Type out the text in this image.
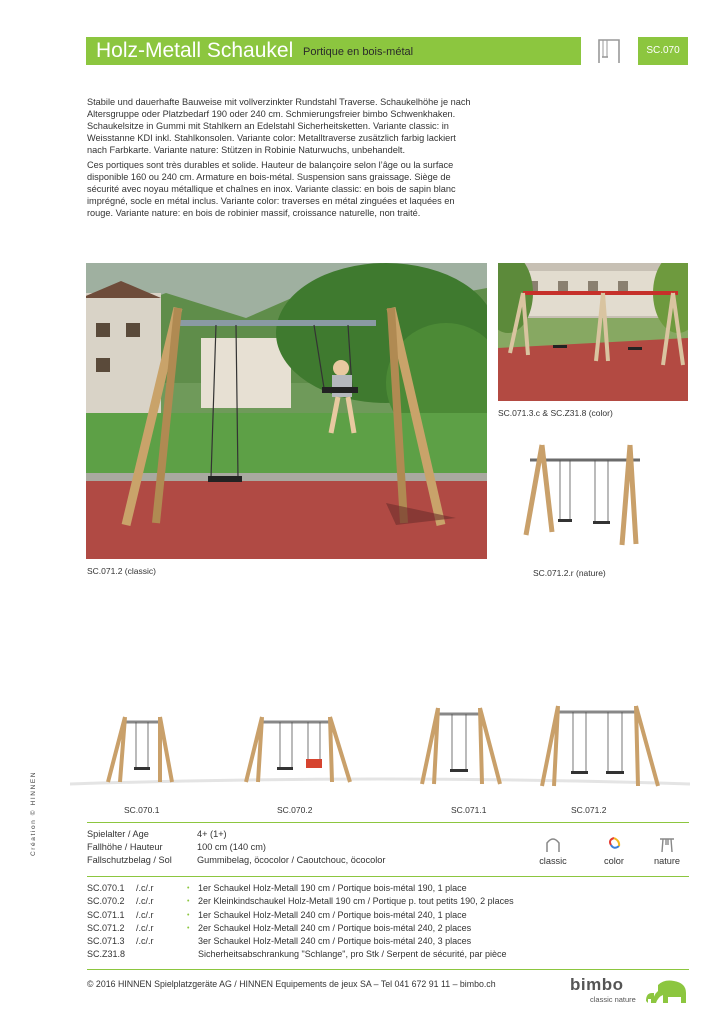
Holz-Metall Schaukel Portique en bois-métal	SC.070

Stabile und dauerhafte Bauweise mit vollverzinkter Rundstahl Traverse. Schaukelhöhe je nach Altersgruppe oder Platzbedarf 190 oder 240 cm. Schmierungsfreier bimbo Schwenkhaken. Schaukelsitze in Gummi mit Stahlkern an Edelstahl Sicherheitsketten. Variante classic: in Weisstanne KDI inkl. Stahlkonsolen. Variante color: Metalltraverse zusätzlich farbig lackiert nach Farbkarte. Variante nature: Stützen in Robinie Naturwuchs, unbehandelt.

Ces portiques sont très durables et solide. Hauteur de balançoire selon l’âge ou la surface disponible 160 ou 240 cm. Armature en bois-métal. Suspension sans graissage. Siège de sécurité avec noyau métallique et chaînes en inox. Variante classic: en bois de sapin blanc imprégné, socle en métal inclus. Variante color: traverses en métal zinguées et laquées en rouge. Variante nature: en bois de robinier massif, croissance naturelle, non traité.

SC.071.2 (classic)
SC.071.3.c & SC.Z31.8 (color)
SC.071.2.r (nature)
SC.070.1	SC.070.2	SC.071.1	SC.071.2
Spielalter / Age	4+ (1+)
Fallhöhe / Hauteur	100 cm (140 cm)
Fallschutzbelag / Sol	Gummibelag, öcocolor / Caoutchouc, öcocolor	classic	color	nature
SC.070.1 /.c/.r	• 1er Schaukel Holz-Metall 190 cm / Portique bois-métal 190, 1 place
SC.070.2 /.c/.r	• 2er Kleinkindschaukel Holz-Metall 190 cm / Portique p. tout petits 190, 2 places
SC.071.1 /.c/.r	• 1er Schaukel Holz-Metall 240 cm / Portique bois-métal 240, 1 place
SC.071.2 /.c/.r	• 2er Schaukel Holz-Metall 240 cm / Portique bois-métal 240, 2 places
SC.071.3 /.c/.r	3er Schaukel Holz-Metall 240 cm / Portique bois-métal 240, 3 places
SC.Z31.8	Sicherheitsabschrankung "Schlange", pro Stk / Serpent de sécurité, par pièce
© 2016 HINNEN Spielplatzgeräte AG / HINNEN Equipements de jeux SA – Tel 041 672 91 11 – bimbo.ch
Création © HINNEN
bimbo
classic nature
